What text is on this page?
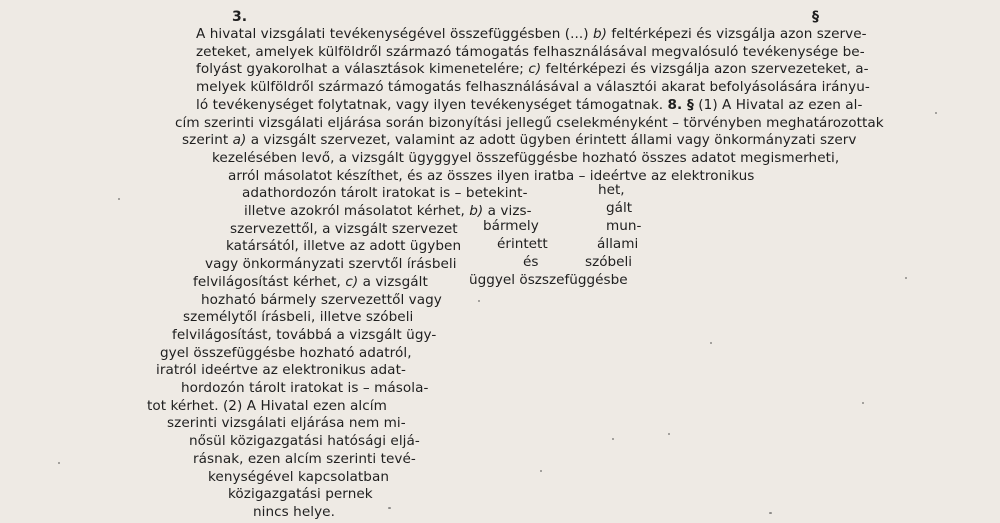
3.	§
A hivatal vizsgálati tevékenységével összefüggésben (...) b) feltérképezi és vizsgálja azon szerve-
zeteket, amelyek külföldről származó támogatás felhasználásával megvalósuló tevékenysége be-
folyást gyakorolhat a választások kimenetelére; c) feltérképezi és vizsgálja azon szervezeteket, a-
melyek külföldről származó támogatás felhasználásával a választói akarat befolyásolására irányu-
ló tevékenységet folytatnak, vagy ilyen tevékenységet támogatnak. 8. § (1) A Hivatal az ezen al-
cím szerinti vizsgálati eljárása során bizonyítási jellegű cselekményként – törvényben meghatározottak
szerint a) a vizsgált szervezet, valamint az adott ügyben érintett állami vagy önkormányzati szerv
kezelésében levő, a vizsgált ügyggyel összefüggésbe hozható összes adatot megismerheti,
arról másolatot készíthet, és az összes ilyen iratba – ideértve az elektronikus
adathordozón tárolt iratokat is – betekint-
illetve azokról másolatot kérhet, b) a vizs-
szervezettől, a vizsgált szervezet
katársától, illetve az adott ügyben
vagy önkormányzati szervtől írásbeli
felvilágosítást kérhet, c) a vizsgált
hozható bármely szervezettől vagy
személytől írásbeli, illetve szóbeli
felvilágosítást, továbbá a vizsgált ügy-
gyel összefüggésbe hozható adatról,
iratról ideértve az elektronikus adat-
hordozón tárolt iratokat is – másola-
tot kérhet. (2) A Hivatal ezen alcím
szerinti vizsgálati eljárása nem mi-
nősül közigazgatási hatósági eljá-
rásnak, ezen alcím szerinti tevé-
kenységével kapcsolatban
közigazgatási pernek
nincs helye.
het,
gált
bármely	mun-
érintett	állami
és	szóbeli
üggyel öszszefüggésbe
